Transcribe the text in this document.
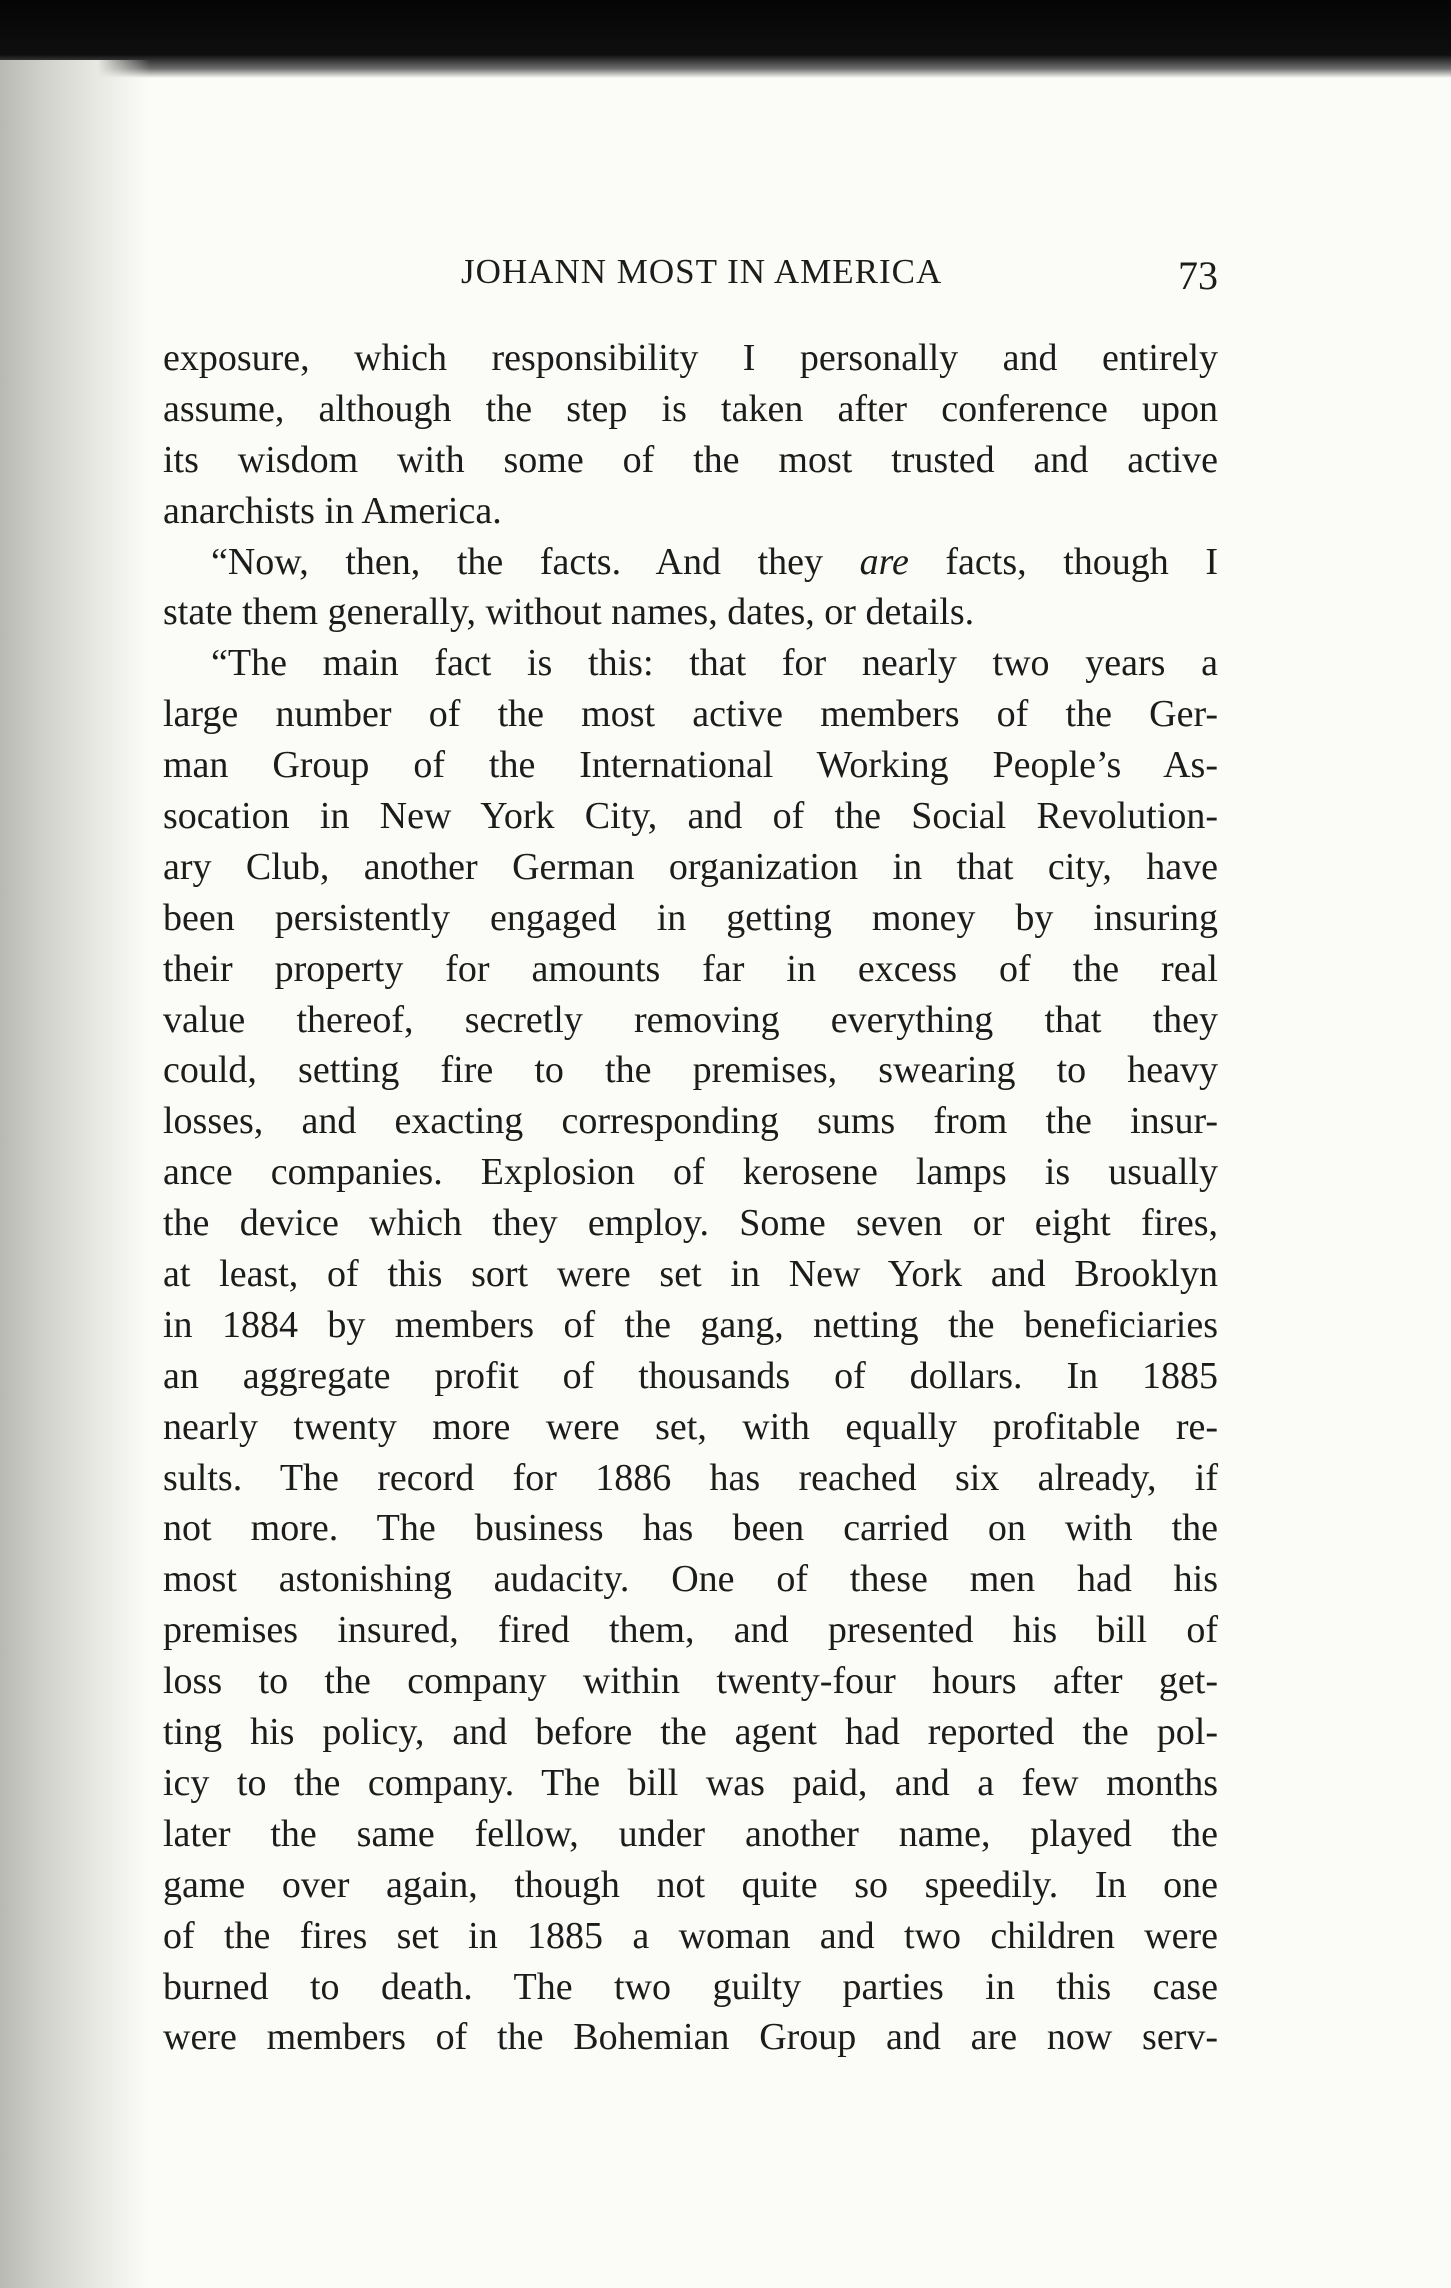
JOHANN MOST IN AMERICA	73
exposure, which responsibility I personally and entirely
assume, although the step is taken after conference upon
its wisdom with some of the most trusted and active
anarchists in America.
“Now, then, the facts. And they are facts, though I
state them generally, without names, dates, or details.
“The main fact is this: that for nearly two years a
large number of the most active members of the Ger-
man Group of the International Working People’s As-
socation in New York City, and of the Social Revolution-
ary Club, another German organization in that city, have
been persistently engaged in getting money by insuring
their property for amounts far in excess of the real
value thereof, secretly removing everything that they
could, setting fire to the premises, swearing to heavy
losses, and exacting corresponding sums from the insur-
ance companies. Explosion of kerosene lamps is usually
the device which they employ. Some seven or eight fires,
at least, of this sort were set in New York and Brooklyn
in 1884 by members of the gang, netting the beneficiaries
an aggregate profit of thousands of dollars. In 1885
nearly twenty more were set, with equally profitable re-
sults. The record for 1886 has reached six already, if
not more. The business has been carried on with the
most astonishing audacity. One of these men had his
premises insured, fired them, and presented his bill of
loss to the company within twenty-four hours after get-
ting his policy, and before the agent had reported the pol-
icy to the company. The bill was paid, and a few months
later the same fellow, under another name, played the
game over again, though not quite so speedily. In one
of the fires set in 1885 a woman and two children were
burned to death. The two guilty parties in this case
were members of the Bohemian Group and are now serv-
